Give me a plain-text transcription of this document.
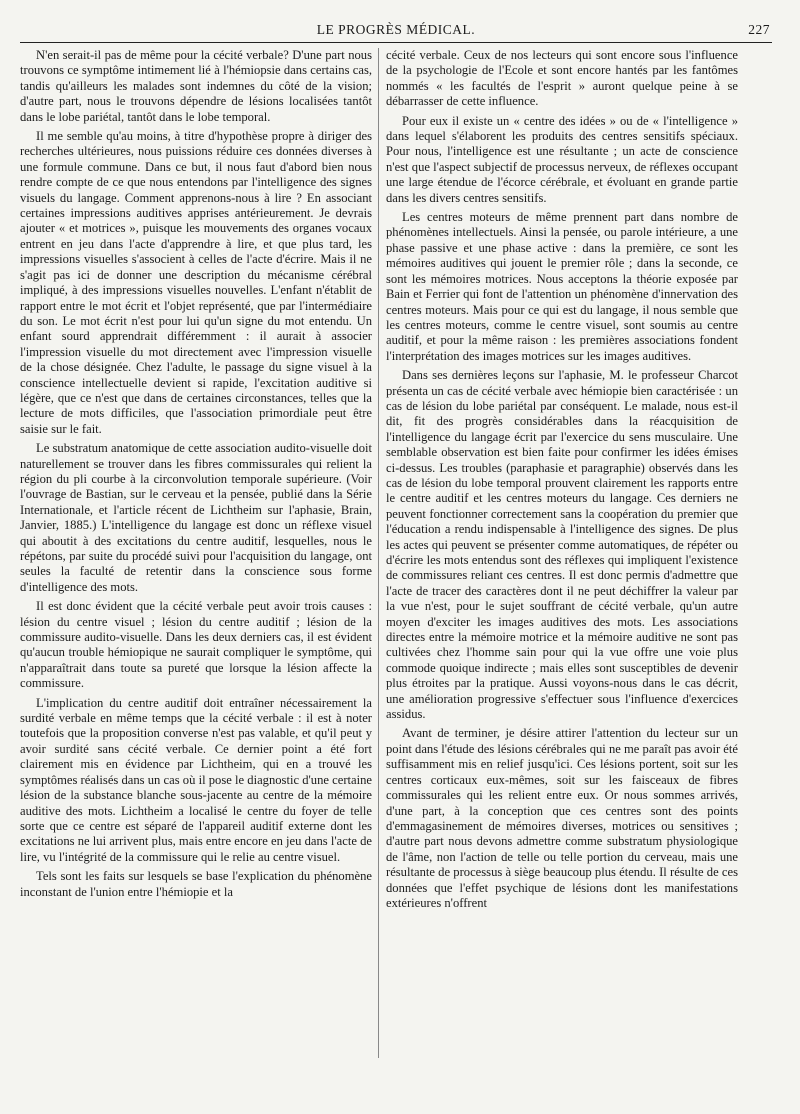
LE PROGRÈS MÉDICAL.	227

N'en serait-il pas de même pour la cécité verbale? D'une part nous trouvons ce symptôme intimement lié à l'hémiopsie dans certains cas, tandis qu'ailleurs les malades sont indemnes du côté de la vision; d'autre part, nous le trouvons dépendre de lésions localisées tantôt dans le lobe pariétal, tantôt dans le lobe temporal.

Il me semble qu'au moins, à titre d'hypothèse propre à diriger des recherches ultérieures, nous puissions réduire ces données diverses à une formule commune. Dans ce but, il nous faut d'abord bien nous rendre compte de ce que nous entendons par l'intelligence des signes visuels du langage. Comment apprenons-nous à lire ? En associant certaines impressions auditives apprises antérieurement. Je devrais ajouter « et motrices », puisque les mouvements des organes vocaux entrent en jeu dans l'acte d'apprendre à lire, et que plus tard, les impressions visuelles s'associent à celles de l'acte d'écrire. Mais il ne s'agit pas ici de donner une description du mécanisme cérébral impliqué, à des impressions visuelles nouvelles. L'enfant n'établit de rapport entre le mot écrit et l'objet représenté, que par l'intermédiaire du son. Le mot écrit n'est pour lui qu'un signe du mot entendu. Un enfant sourd apprendrait différemment : il aurait à associer l'impression visuelle du mot directement avec l'impression visuelle de la chose désignée. Chez l'adulte, le passage du signe visuel à la conscience intellectuelle devient si rapide, l'excitation auditive si légère, que ce n'est que dans de certaines circonstances, telles que la lecture de mots difficiles, que l'association primordiale peut être saisie sur le fait.

Le substratum anatomique de cette association audito-visuelle doit naturellement se trouver dans les fibres commissurales qui relient la région du pli courbe à la circonvolution temporale supérieure. (Voir l'ouvrage de Bastian, sur le cerveau et la pensée, publié dans la Série Internationale, et l'article récent de Lichtheim sur l'aphasie, Brain, Janvier, 1885.) L'intelligence du langage est donc un réflexe visuel qui aboutit à des excitations du centre auditif, lesquelles, nous le répétons, par suite du procédé suivi pour l'acquisition du langage, ont seules la faculté de retentir dans la conscience sous forme d'intelligence des mots.

Il est donc évident que la cécité verbale peut avoir trois causes : lésion du centre visuel ; lésion du centre auditif ; lésion de la commissure audito-visuelle. Dans les deux derniers cas, il est évident qu'aucun trouble hémiopique ne saurait compliquer le symptôme, qui n'apparaîtrait dans toute sa pureté que lorsque la lésion affecte la commissure.

L'implication du centre auditif doit entraîner nécessairement la surdité verbale en même temps que la cécité verbale : il est à noter toutefois que la proposition converse n'est pas valable, et qu'il peut y avoir surdité sans cécité verbale. Ce dernier point a été fort clairement mis en évidence par Lichtheim, qui en a trouvé les symptômes réalisés dans un cas où il pose le diagnostic d'une certaine lésion de la substance blanche sous-jacente au centre de la mémoire auditive des mots. Lichtheim a localisé le centre du foyer de telle sorte que ce centre est séparé de l'appareil auditif externe dont les excitations ne lui arrivent plus, mais entre encore en jeu dans l'acte de lire, vu l'intégrité de la commissure qui le relie au centre visuel.

Tels sont les faits sur lesquels se base l'explication du phénomène inconstant de l'union entre l'hémiopie et la

cécité verbale. Ceux de nos lecteurs qui sont encore sous l'influence de la psychologie de l'Ecole et sont encore hantés par les fantômes nommés « les facultés de l'esprit » auront quelque peine à se débarrasser de cette influence.

Pour eux il existe un « centre des idées » ou de « l'intelligence » dans lequel s'élaborent les produits des centres sensitifs spéciaux. Pour nous, l'intelligence est une résultante ; un acte de conscience n'est que l'aspect subjectif de processus nerveux, de réflexes occupant une large étendue de l'écorce cérébrale, et évoluant en grande partie dans les divers centres sensitifs.

Les centres moteurs de même prennent part dans nombre de phénomènes intellectuels. Ainsi la pensée, ou parole intérieure, a une phase passive et une phase active : dans la première, ce sont les mémoires auditives qui jouent le premier rôle ; dans la seconde, ce sont les mémoires motrices. Nous acceptons la théorie exposée par Bain et Ferrier qui font de l'attention un phénomène d'innervation des centres moteurs. Mais pour ce qui est du langage, il nous semble que les centres moteurs, comme le centre visuel, sont soumis au centre auditif, et pour la même raison : les premières associations fondent l'interprétation des images motrices sur les images auditives.

Dans ses dernières leçons sur l'aphasie, M. le professeur Charcot présenta un cas de cécité verbale avec hémiopie bien caractérisée : un cas de lésion du lobe pariétal par conséquent. Le malade, nous est-il dit, fit des progrès considérables dans la réacquisition de l'intelligence du langage écrit par l'exercice du sens musculaire. Une semblable observation est bien faite pour confirmer les idées émises ci-dessus. Les troubles (paraphasie et paragraphie) observés dans les cas de lésion du lobe temporal prouvent clairement les rapports entre le centre auditif et les centres moteurs du langage. Ces derniers ne peuvent fonctionner correctement sans la coopération du premier que l'éducation a rendu indispensable à l'intelligence des signes. De plus les actes qui peuvent se présenter comme automatiques, de répéter ou d'écrire les mots entendus sont des réflexes qui impliquent l'existence de commissures reliant ces centres. Il est donc permis d'admettre que l'acte de tracer des caractères dont il ne peut déchiffrer la valeur par la vue n'est, pour le sujet souffrant de cécité verbale, qu'un autre moyen d'exciter les images auditives des mots. Les associations directes entre la mémoire motrice et la mémoire auditive ne sont pas cultivées chez l'homme sain pour qui la vue offre une voie plus commode quoique indirecte ; mais elles sont susceptibles de devenir plus étroites par la pratique. Aussi voyons-nous dans le cas décrit, une amélioration progressive s'effectuer sous l'influence d'exercices assidus.

Avant de terminer, je désire attirer l'attention du lecteur sur un point dans l'étude des lésions cérébrales qui ne me paraît pas avoir été suffisamment mis en relief jusqu'ici. Ces lésions portent, soit sur les centres corticaux eux-mêmes, soit sur les faisceaux de fibres commissurales qui les relient entre eux. Or nous sommes arrivés, d'une part, à la conception que ces centres sont des points d'emmagasinement de mémoires diverses, motrices ou sensitives ; d'autre part nous devons admettre comme substratum physiologique de l'âme, non l'action de telle ou telle portion du cerveau, mais une résultante de processus à siège beaucoup plus étendu. Il résulte de ces données que l'effet psychique de lésions dont les manifestations extérieures n'offrent
